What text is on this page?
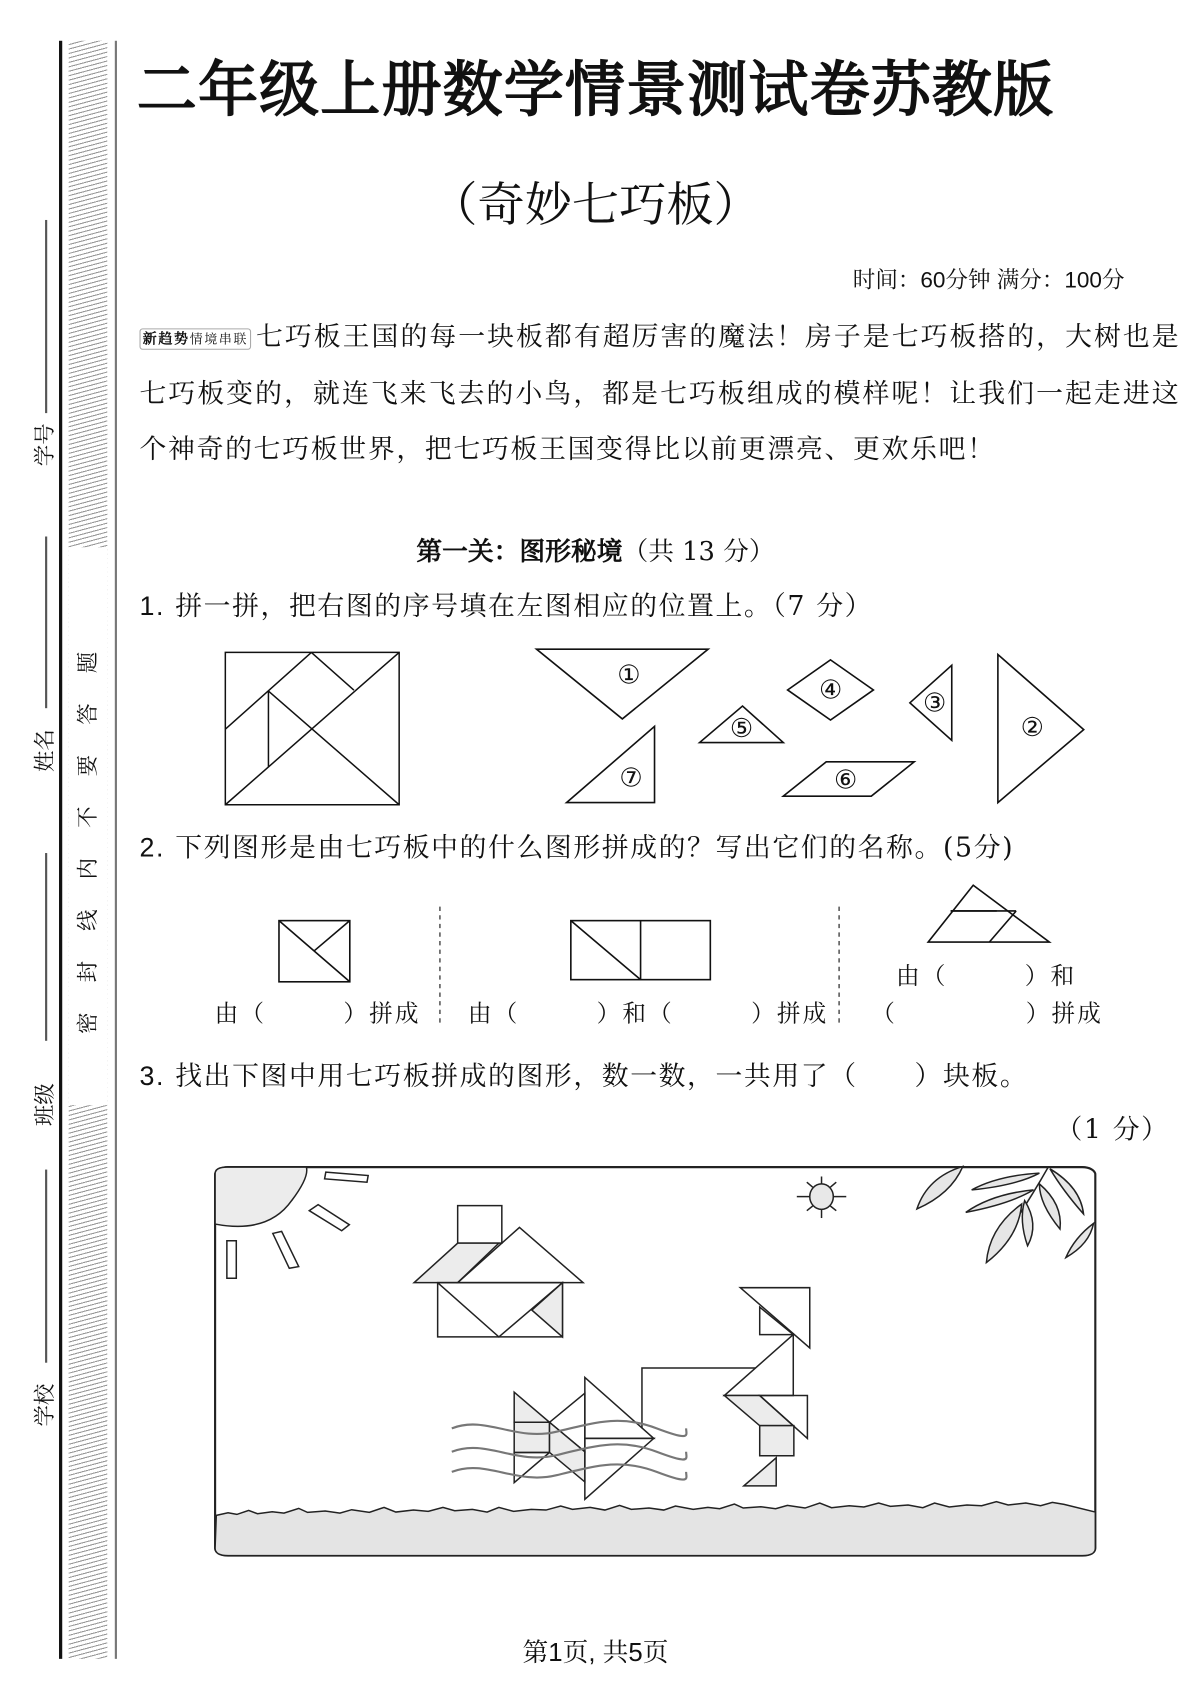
密封线内不要答题
学号
姓名
班级
学校
二年级上册数学情景测试卷苏教版
（奇妙七巧板）
时间：60分钟 满分：100分
新趋势情境串联 七巧板王国的每一块板都有超厉害的魔法！房子是七巧板搭的，大树也是七巧板变的，就连飞来飞去的小鸟，都是七巧板组成的模样呢！让我们一起走进这个神奇的七巧板世界，把七巧板王国变得比以前更漂亮、更欢乐吧！
第一关：图形秘境（共 13 分）
1. 拼一拼，把右图的序号填在左图相应的位置上。（7 分）
①
②
③
④
⑤
⑥
⑦
2. 下列图形是由七巧板中的什么图形拼成的？写出它们的名称。(5分)
由（　　　）拼成 由（　　　）和（　　　）拼成
由（　　　）和
（　　　　　）拼成
3. 找出下图中用七巧板拼成的图形，数一数，一共用了（　　）块板。
（1 分）
第1页, 共5页
